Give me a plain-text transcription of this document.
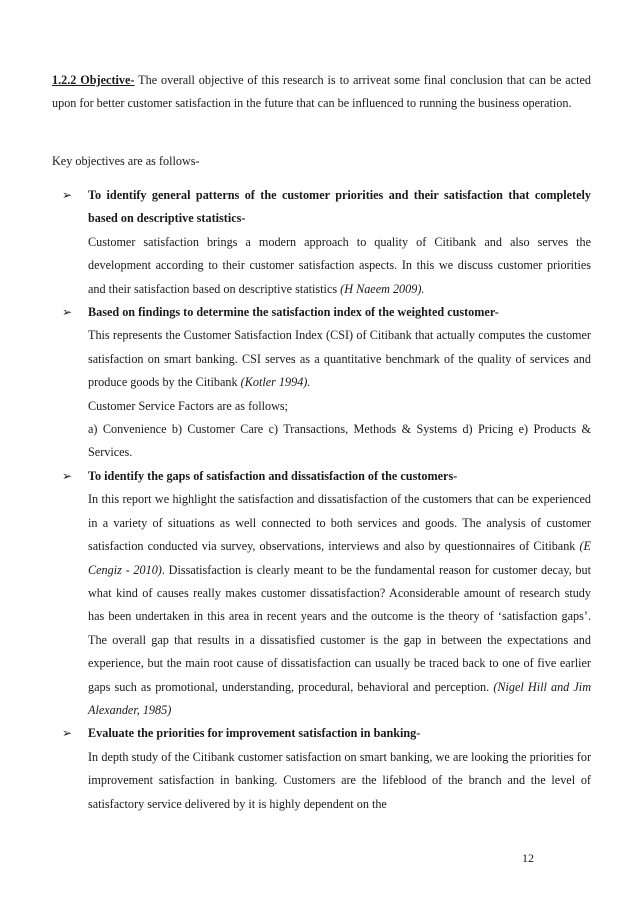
1.2.2 Objective- The overall objective of this research is to arriveat some final conclusion that can be acted upon for better customer satisfaction in the future that can be influenced to running the business operation.
Key objectives are as follows-
➢	To identify general patterns of the customer priorities and their satisfaction that completely based on descriptive statistics-
Customer satisfaction brings a modern approach to quality of Citibank and also serves the development according to their customer satisfaction aspects. In this we discuss customer priorities and their satisfaction based on descriptive statistics (H Naeem 2009).
➢	Based on findings to determine the satisfaction index of the weighted customer-
This represents the Customer Satisfaction Index (CSI) of Citibank that actually computes the customer satisfaction on smart banking. CSI serves as a quantitative benchmark of the quality of services and produce goods by the Citibank (Kotler 1994).
Customer Service Factors are as follows;
a) Convenience b) Customer Care c) Transactions, Methods & Systems d) Pricing e) Products & Services.
➢	To identify the gaps of satisfaction and dissatisfaction of the customers-
In this report we highlight the satisfaction and dissatisfaction of the customers that can be experienced in a variety of situations as well connected to both services and goods. The analysis of customer satisfaction conducted via survey, observations, interviews and also by questionnaires of Citibank (E Cengiz - 2010). Dissatisfaction is clearly meant to be the fundamental reason for customer decay, but what kind of causes really makes customer dissatisfaction? Aconsiderable amount of research study has been undertaken in this area in recent years and the outcome is the theory of ‘satisfaction gaps’. The overall gap that results in a dissatisfied customer is the gap in between the expectations and experience, but the main root cause of dissatisfaction can usually be traced back to one of five earlier gaps such as promotional, understanding, procedural, behavioral and perception. (Nigel Hill and Jim Alexander, 1985)
➢	Evaluate the priorities for improvement satisfaction in banking-
In depth study of the Citibank customer satisfaction on smart banking, we are looking the priorities for improvement satisfaction in banking. Customers are the lifeblood of the branch and the level of satisfactory service delivered by it is highly dependent on the
12
